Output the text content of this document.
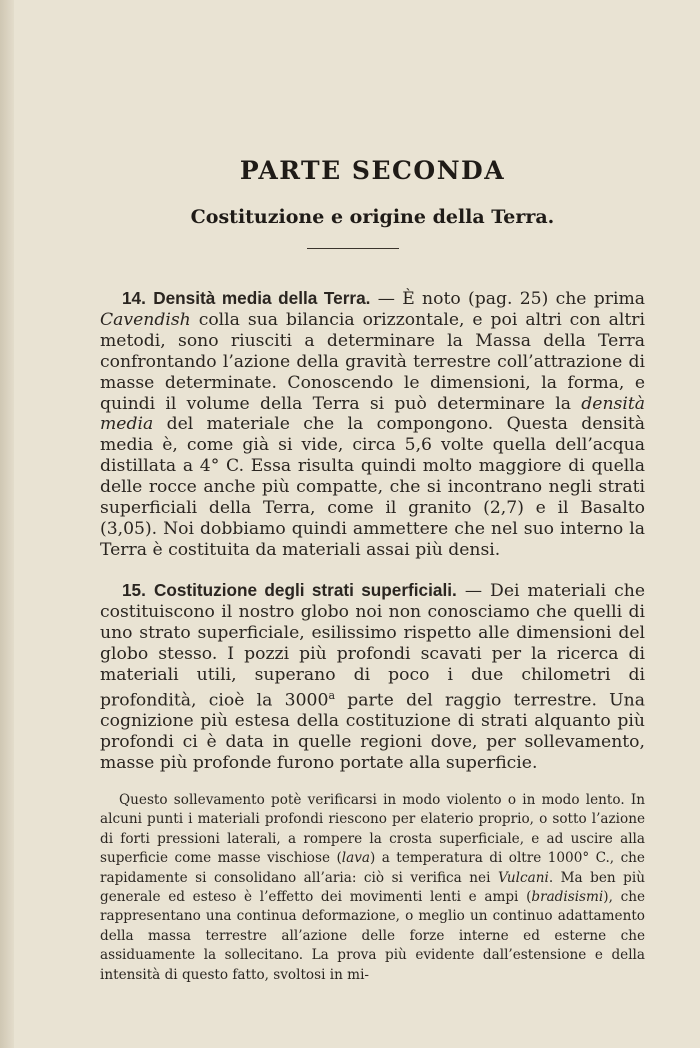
PARTE SECONDA
Costituzione e origine della Terra.

14. Densità media della Terra. — È noto (pag. 25) che prima Cavendish colla sua bilancia orizzontale, e poi altri con altri metodi, sono riusciti a determinare la Massa della Terra confrontando l’azione della gravità terrestre coll’attrazione di masse determinate. Conoscendo le dimensioni, la forma, e quindi il volume della Terra si può determinare la densità media del materiale che la compongono. Questa densità media è, come già si vide, circa 5,6 volte quella dell’acqua distillata a 4° C. Essa risulta quindi molto maggiore di quella delle rocce anche più compatte, che si incontrano negli strati superficiali della Terra, come il granito (2,7) e il Basalto (3,05). Noi dobbiamo quindi ammettere che nel suo interno la Terra è costituita da materiali assai più densi.

15. Costituzione degli strati superficiali. — Dei materiali che costituiscono il nostro globo noi non conosciamo che quelli di uno strato superficiale, esilissimo rispetto alle dimensioni del globo stesso. I pozzi più profondi scavati per la ricerca di materiali utili, superano di poco i due chilometri di profondità, cioè la 3000$^a$ parte del raggio terrestre. Una cognizione più estesa della costituzione di strati alquanto più profondi ci è data in quelle regioni dove, per sollevamento, masse più profonde furono portate alla superficie.

Questo sollevamento potè verificarsi in modo violento o in modo lento. In alcuni punti i materiali profondi riescono per elaterio proprio, o sotto l’azione di forti pressioni laterali, a rompere la crosta superficiale, e ad uscire alla superficie come masse vischiose (lava) a temperatura di oltre 1000° C., che rapidamente si consolidano all’aria: ciò si verifica nei Vulcani. Ma ben più generale ed esteso è l’effetto dei movimenti lenti e ampi (bradisismi), che rappresentano una continua deformazione, o meglio un continuo adattamento della massa terrestre all’azione delle forze interne ed esterne che assiduamente la sollecitano. La prova più evidente dall’estensione e della intensità di questo fatto, svoltosi in mi-
